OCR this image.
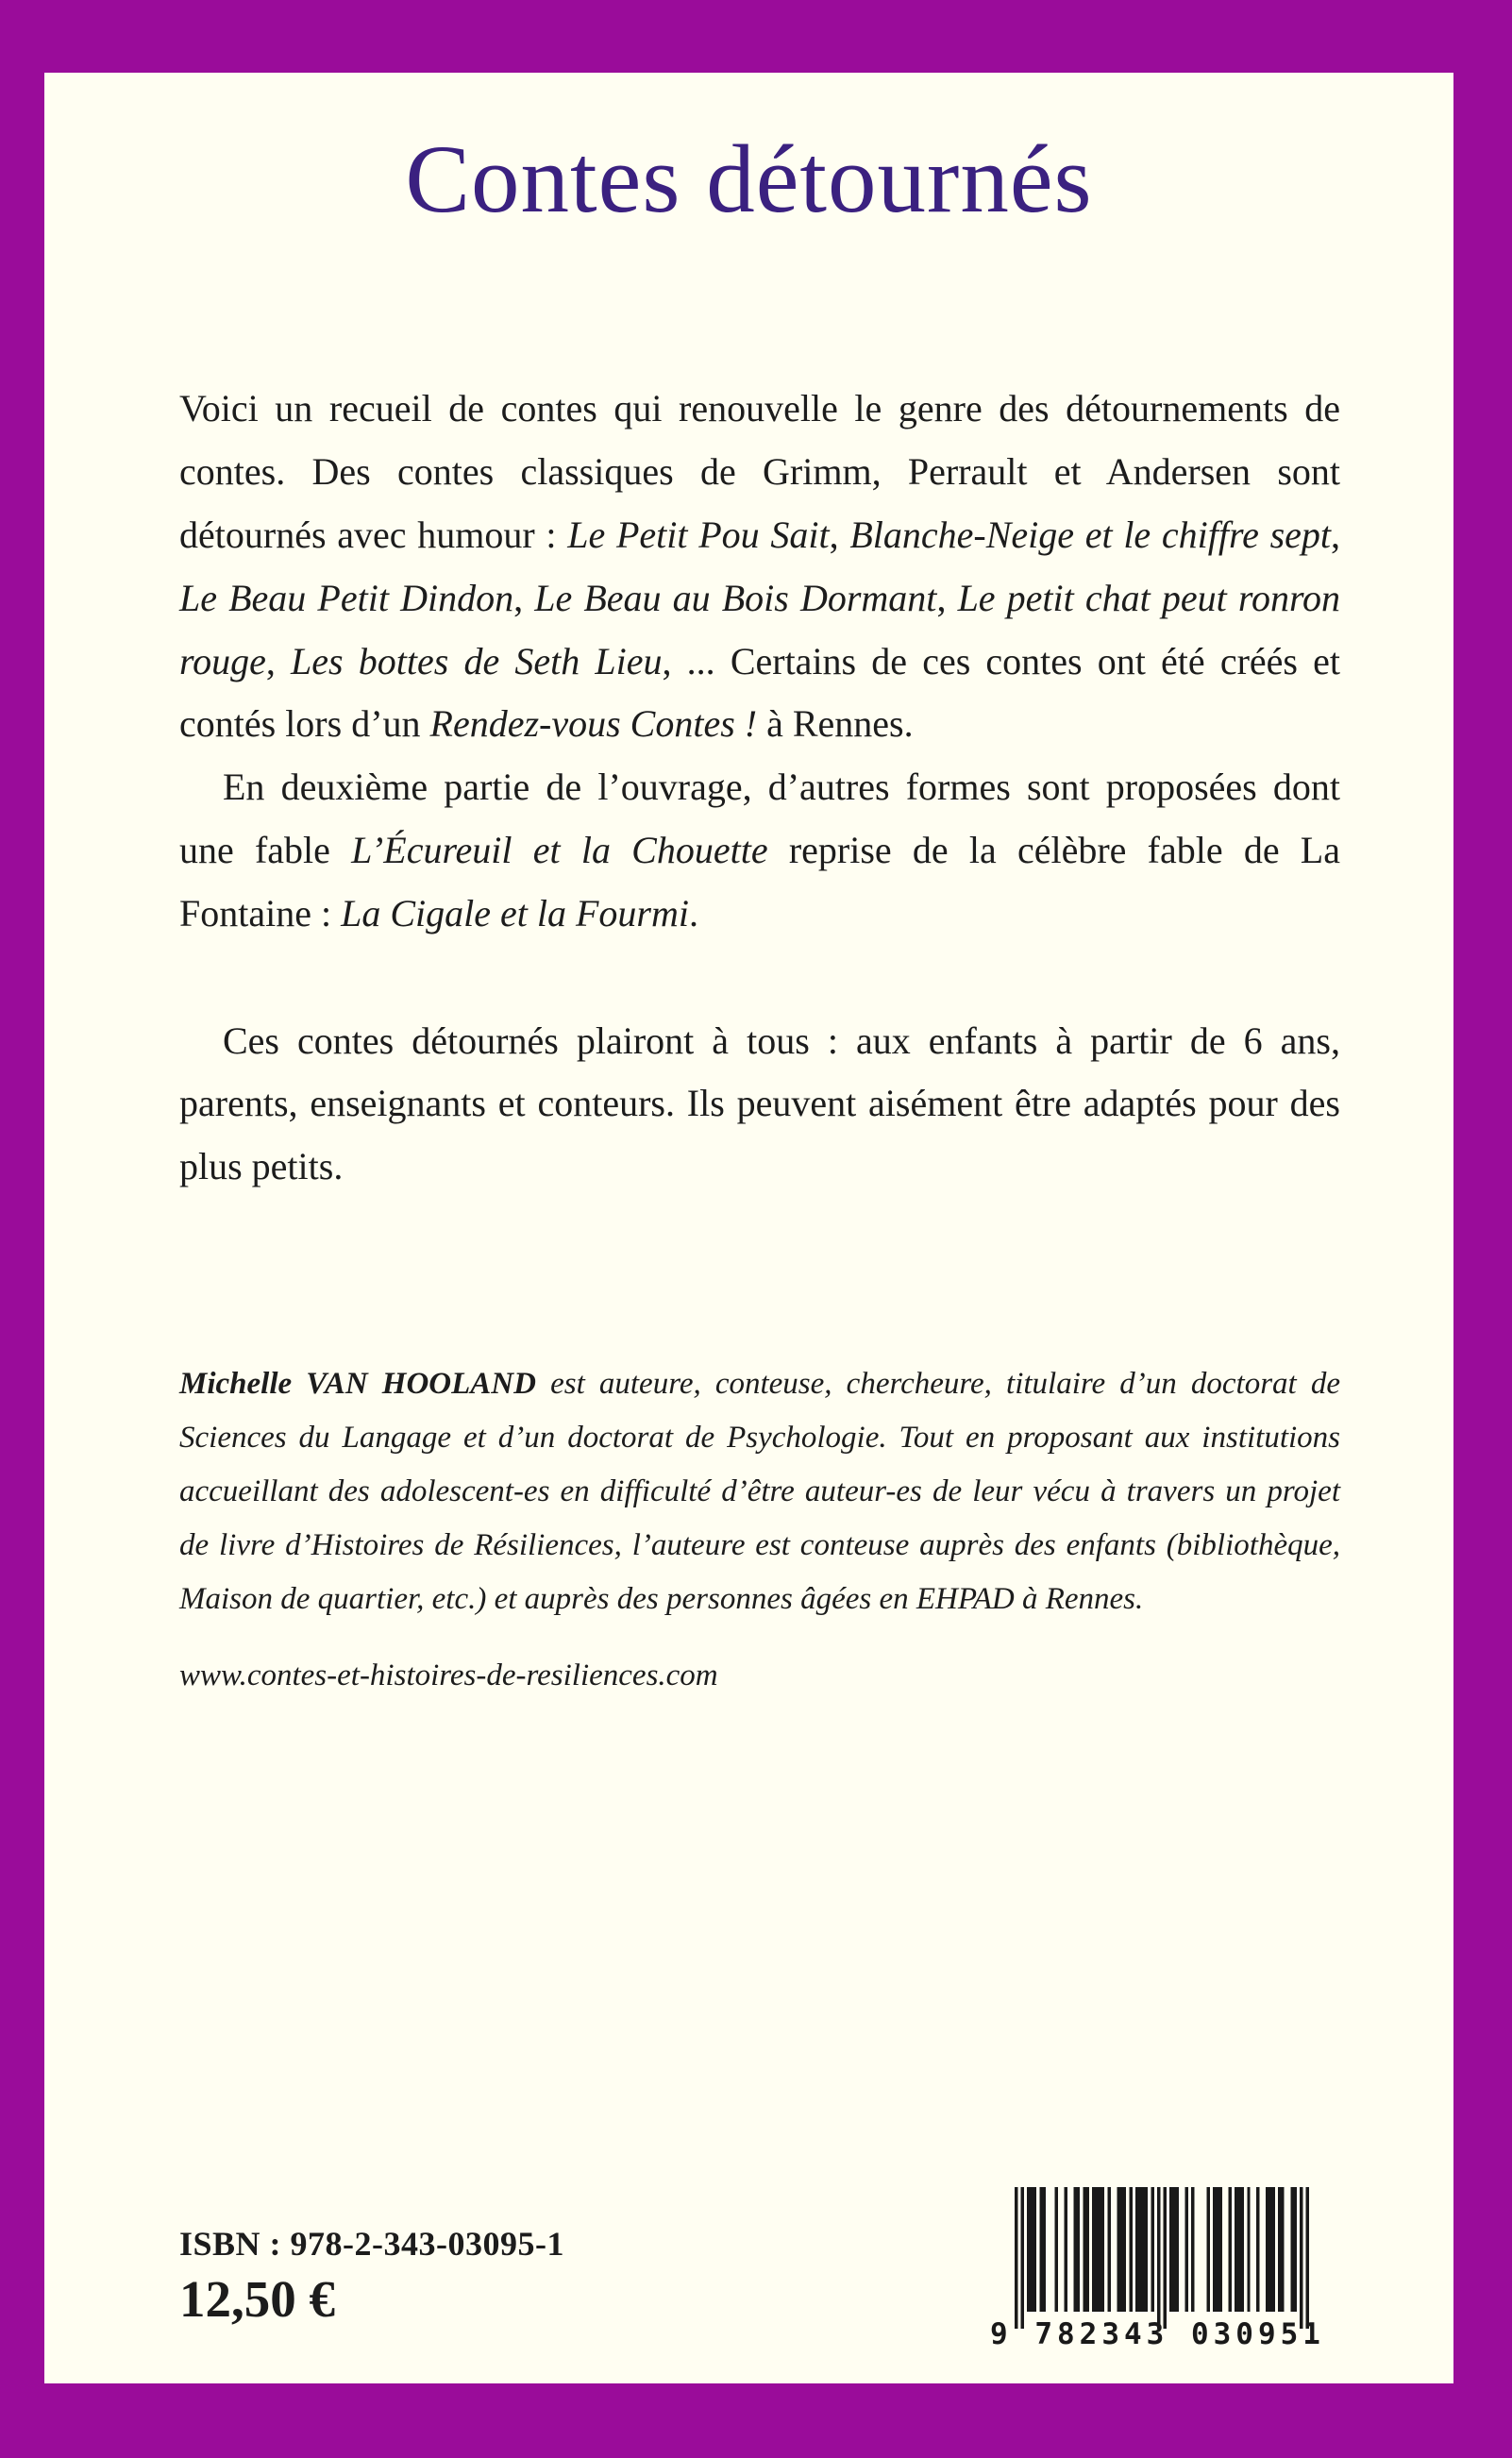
Contes détournés

Voici un recueil de contes qui renouvelle le genre des détournements de contes. Des contes classiques de Grimm, Perrault et Andersen sont détournés avec humour : Le Petit Pou Sait, Blanche-Neige et le chiffre sept, Le Beau Petit Dindon, Le Beau au Bois Dormant, Le petit chat peut ronron rouge, Les bottes de Seth Lieu, ... Certains de ces contes ont été créés et contés lors d’un Rendez-vous Contes ! à Rennes.

En deuxième partie de l’ouvrage, d’autres formes sont proposées dont une fable L’Écureuil et la Chouette reprise de la célèbre fable de La Fontaine : La Cigale et la Fourmi.

Ces contes détournés plairont à tous : aux enfants à partir de 6 ans, parents, enseignants et conteurs. Ils peuvent aisément être adaptés pour des plus petits.

Michelle VAN HOOLAND est auteure, conteuse, chercheure, titulaire d’un doctorat de Sciences du Langage et d’un doctorat de Psychologie. Tout en proposant aux institutions accueillant des adolescent-es en difficulté d’être auteur-es de leur vécu à travers un projet de livre d’Histoires de Résiliences, l’auteure est conteuse auprès des enfants (bibliothèque, Maison de quartier, etc.) et auprès des personnes âgées en EHPAD à Rennes.
www.contes-et-histoires-de-resiliences.com
ISBN : 978-2-343-03095-1
12,50 €
9 782343 030951
